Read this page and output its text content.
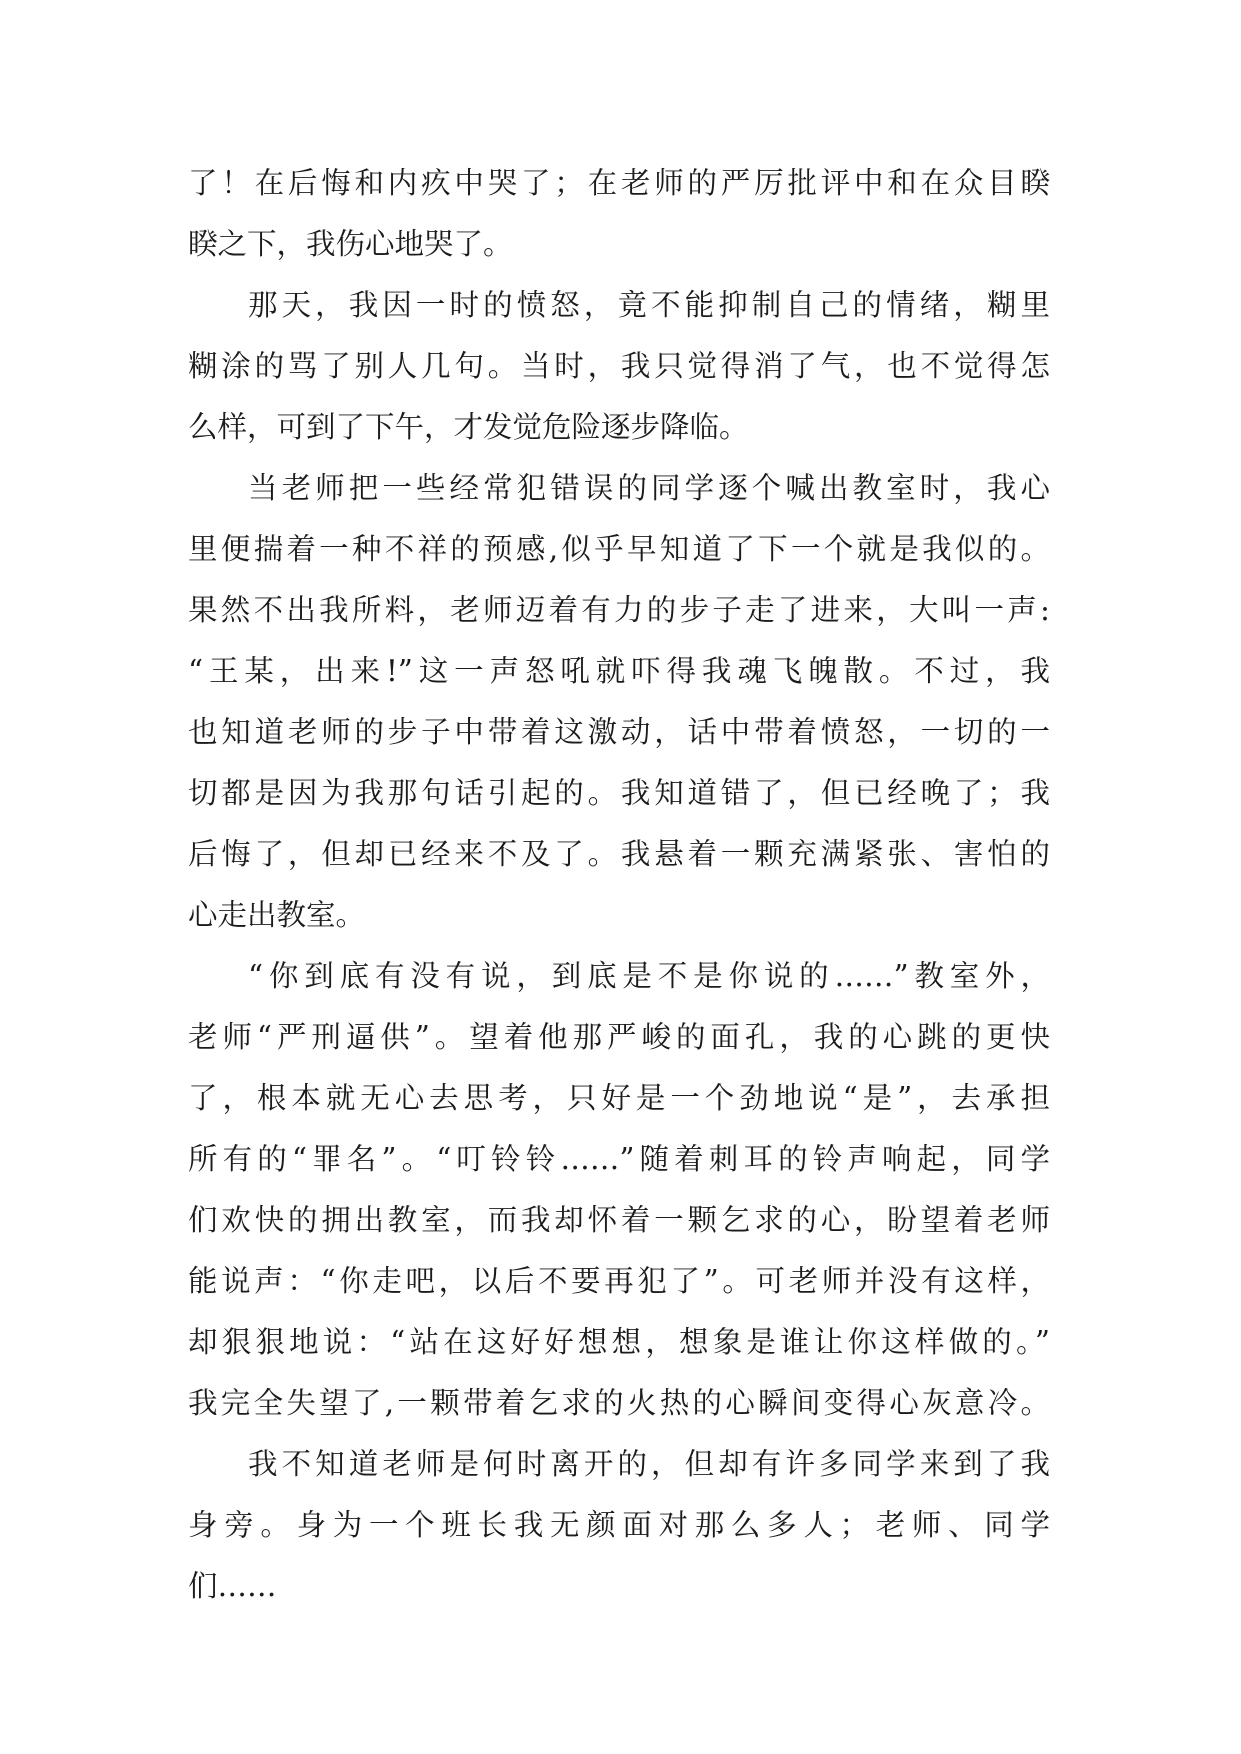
了！在后悔和内疚中哭了；在老师的严厉批评中和在众目睽
睽之下，我伤心地哭了。
那天，我因一时的愤怒，竟不能抑制自己的情绪，糊里
糊涂的骂了别人几句。当时，我只觉得消了气，也不觉得怎
么样，可到了下午，才发觉危险逐步降临。
当老师把一些经常犯错误的同学逐个喊出教室时，我心
里便揣着一种不祥的预感,似乎早知道了下一个就是我似的。
果然不出我所料，老师迈着有力的步子走了进来，大叫一声:
“王某，出来!”这一声怒吼就吓得我魂飞魄散。不过，我
也知道老师的步子中带着这激动，话中带着愤怒，一切的一
切都是因为我那句话引起的。我知道错了，但已经晚了；我
后悔了，但却已经来不及了。我悬着一颗充满紧张、害怕的
心走出教室。
“你到底有没有说，到底是不是你说的……”教室外，
老师“严刑逼供”。望着他那严峻的面孔，我的心跳的更快
了，根本就无心去思考，只好是一个劲地说“是”，去承担
所有的“罪名”。“叮铃铃……”随着刺耳的铃声响起，同学
们欢快的拥出教室，而我却怀着一颗乞求的心，盼望着老师
能说声：“你走吧，以后不要再犯了”。可老师并没有这样，
却狠狠地说：“站在这好好想想，想象是谁让你这样做的。”
我完全失望了,一颗带着乞求的火热的心瞬间变得心灰意冷。
我不知道老师是何时离开的，但却有许多同学来到了我
身旁。身为一个班长我无颜面对那么多人；老师、同学
们……
